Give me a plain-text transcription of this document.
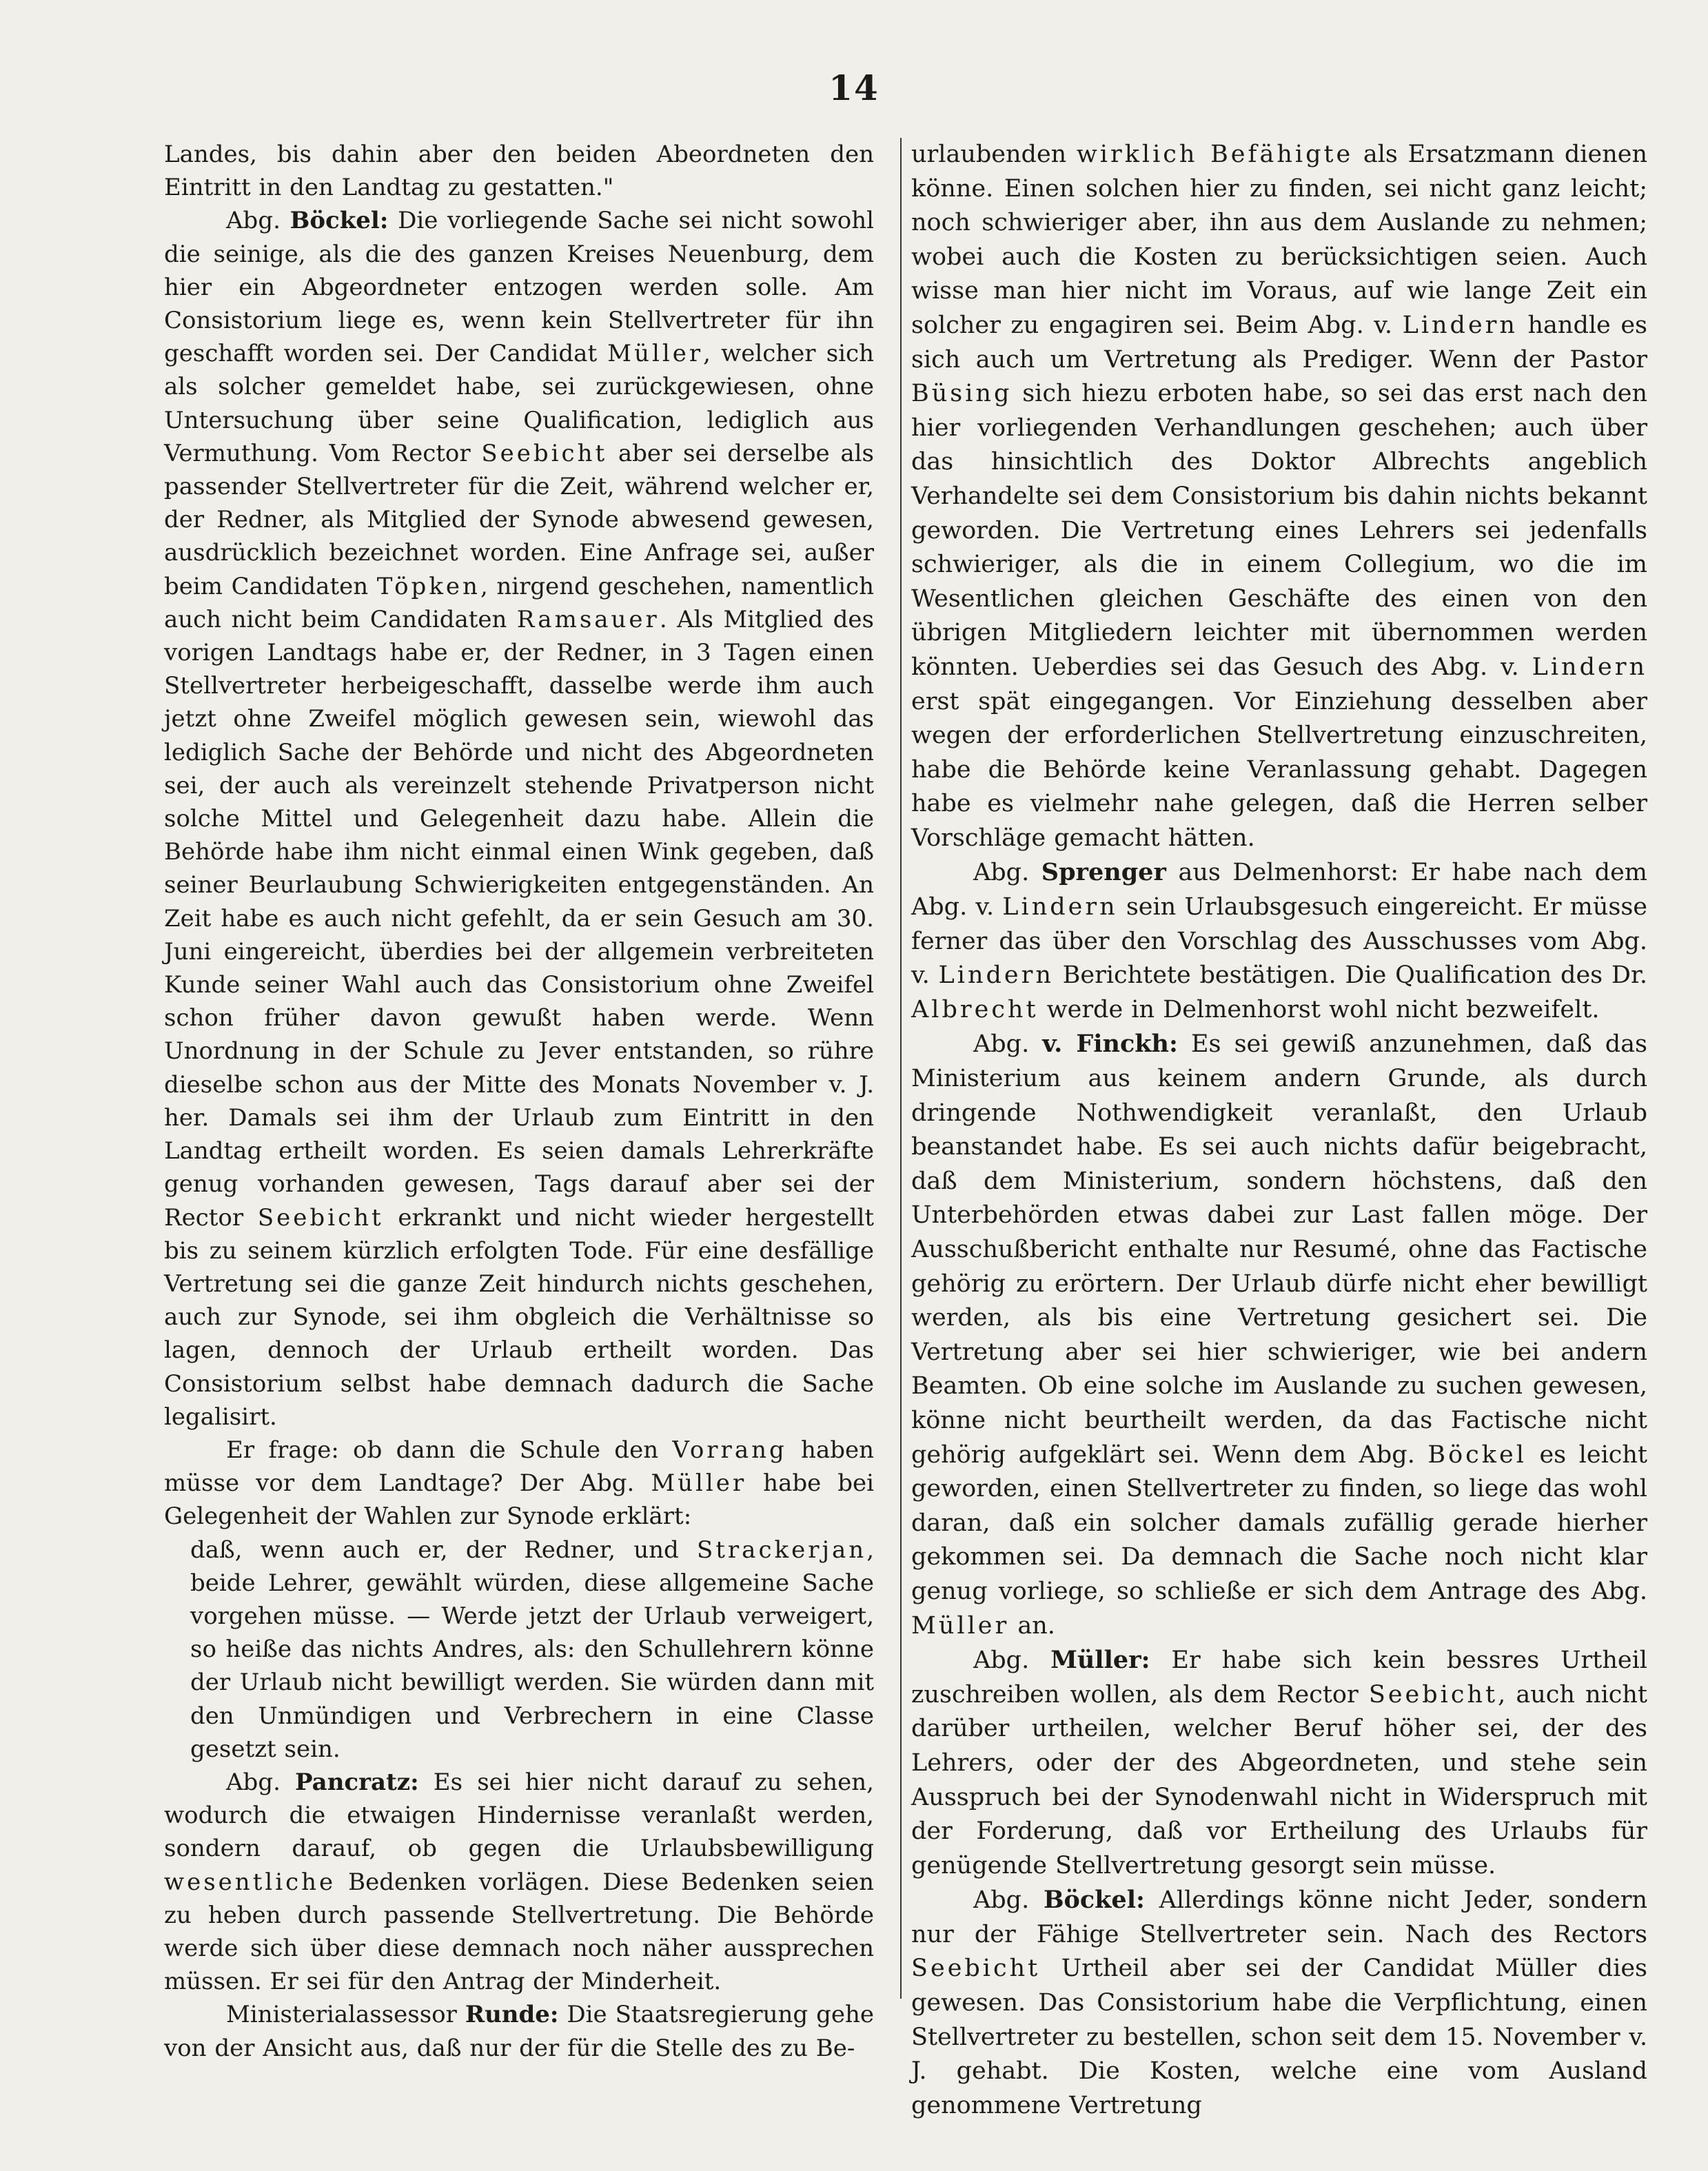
14

Landes, bis dahin aber den beiden Abeordneten den Eintritt in den Landtag zu gestatten."

Abg. Böckel: Die vorliegende Sache sei nicht sowohl die seinige, als die des ganzen Kreises Neuenburg, dem hier ein Abgeordneter entzogen werden solle. Am Consistorium liege es, wenn kein Stellvertreter für ihn geschafft worden sei. Der Candidat Müller, welcher sich als solcher gemeldet habe, sei zurückgewiesen, ohne Untersuchung über seine Qualification, lediglich aus Vermuthung. Vom Rector Seebicht aber sei derselbe als passender Stellvertreter für die Zeit, während welcher er, der Redner, als Mitglied der Synode abwesend gewesen, ausdrücklich bezeichnet worden. Eine Anfrage sei, außer beim Candidaten Töpken, nirgend geschehen, namentlich auch nicht beim Candidaten Ramsauer. Als Mitglied des vorigen Landtags habe er, der Redner, in 3 Tagen einen Stellvertreter herbeigeschafft, dasselbe werde ihm auch jetzt ohne Zweifel möglich gewesen sein, wiewohl das lediglich Sache der Behörde und nicht des Abgeordneten sei, der auch als vereinzelt stehende Privatperson nicht solche Mittel und Gelegenheit dazu habe. Allein die Behörde habe ihm nicht einmal einen Wink gegeben, daß seiner Beurlaubung Schwierigkeiten entgegenständen. An Zeit habe es auch nicht gefehlt, da er sein Gesuch am 30. Juni eingereicht, überdies bei der allgemein verbreiteten Kunde seiner Wahl auch das Consistorium ohne Zweifel schon früher davon gewußt haben werde. Wenn Unordnung in der Schule zu Jever entstanden, so rühre dieselbe schon aus der Mitte des Monats November v. J. her. Damals sei ihm der Urlaub zum Eintritt in den Landtag ertheilt worden. Es seien damals Lehrerkräfte genug vorhanden gewesen, Tags darauf aber sei der Rector Seebicht erkrankt und nicht wieder hergestellt bis zu seinem kürzlich erfolgten Tode. Für eine desfällige Vertretung sei die ganze Zeit hindurch nichts geschehen, auch zur Synode, sei ihm obgleich die Verhältnisse so lagen, dennoch der Urlaub ertheilt worden. Das Consistorium selbst habe demnach dadurch die Sache legalisirt.

Er frage: ob dann die Schule den Vorrang haben müsse vor dem Landtage? Der Abg. Müller habe bei Gelegenheit der Wahlen zur Synode erklärt:

daß, wenn auch er, der Redner, und Strackerjan, beide Lehrer, gewählt würden, diese allgemeine Sache vorgehen müsse. — Werde jetzt der Urlaub verweigert, so heiße das nichts Andres, als: den Schullehrern könne der Urlaub nicht bewilligt werden. Sie würden dann mit den Unmündigen und Verbrechern in eine Classe gesetzt sein.

Abg. Pancratz: Es sei hier nicht darauf zu sehen, wodurch die etwaigen Hindernisse veranlaßt werden, sondern darauf, ob gegen die Urlaubsbewilligung wesentliche Bedenken vorlägen. Diese Bedenken seien zu heben durch passende Stellvertretung. Die Behörde werde sich über diese demnach noch näher aussprechen müssen. Er sei für den Antrag der Minderheit.

Ministerialassessor Runde: Die Staatsregierung gehe von der Ansicht aus, daß nur der für die Stelle des zu Be-

urlaubenden wirklich Befähigte als Ersatzmann dienen könne. Einen solchen hier zu finden, sei nicht ganz leicht; noch schwieriger aber, ihn aus dem Auslande zu nehmen; wobei auch die Kosten zu berücksichtigen seien. Auch wisse man hier nicht im Voraus, auf wie lange Zeit ein solcher zu engagiren sei. Beim Abg. v. Lindern handle es sich auch um Vertretung als Prediger. Wenn der Pastor Büsing sich hiezu erboten habe, so sei das erst nach den hier vorliegenden Verhandlungen geschehen; auch über das hinsichtlich des Doktor Albrechts angeblich Verhandelte sei dem Consistorium bis dahin nichts bekannt geworden. Die Vertretung eines Lehrers sei jedenfalls schwieriger, als die in einem Collegium, wo die im Wesentlichen gleichen Geschäfte des einen von den übrigen Mitgliedern leichter mit übernommen werden könnten. Ueberdies sei das Gesuch des Abg. v. Lindern erst spät eingegangen. Vor Einziehung desselben aber wegen der erforderlichen Stellvertretung einzuschreiten, habe die Behörde keine Veranlassung gehabt. Dagegen habe es vielmehr nahe gelegen, daß die Herren selber Vorschläge gemacht hätten.

Abg. Sprenger aus Delmenhorst: Er habe nach dem Abg. v. Lindern sein Urlaubsgesuch eingereicht. Er müsse ferner das über den Vorschlag des Ausschusses vom Abg. v. Lindern Berichtete bestätigen. Die Qualification des Dr. Albrecht werde in Delmenhorst wohl nicht bezweifelt.

Abg. v. Finckh: Es sei gewiß anzunehmen, daß das Ministerium aus keinem andern Grunde, als durch dringende Nothwendigkeit veranlaßt, den Urlaub beanstandet habe. Es sei auch nichts dafür beigebracht, daß dem Ministerium, sondern höchstens, daß den Unterbehörden etwas dabei zur Last fallen möge. Der Ausschußbericht enthalte nur Resumé, ohne das Factische gehörig zu erörtern. Der Urlaub dürfe nicht eher bewilligt werden, als bis eine Vertretung gesichert sei. Die Vertretung aber sei hier schwieriger, wie bei andern Beamten. Ob eine solche im Auslande zu suchen gewesen, könne nicht beurtheilt werden, da das Factische nicht gehörig aufgeklärt sei. Wenn dem Abg. Böckel es leicht geworden, einen Stellvertreter zu finden, so liege das wohl daran, daß ein solcher damals zufällig gerade hierher gekommen sei. Da demnach die Sache noch nicht klar genug vorliege, so schließe er sich dem Antrage des Abg. Müller an.

Abg. Müller: Er habe sich kein bessres Urtheil zuschreiben wollen, als dem Rector Seebicht, auch nicht darüber urtheilen, welcher Beruf höher sei, der des Lehrers, oder der des Abgeordneten, und stehe sein Ausspruch bei der Synodenwahl nicht in Widerspruch mit der Forderung, daß vor Ertheilung des Urlaubs für genügende Stellvertretung gesorgt sein müsse.

Abg. Böckel: Allerdings könne nicht Jeder, sondern nur der Fähige Stellvertreter sein. Nach des Rectors Seebicht Urtheil aber sei der Candidat Müller dies gewesen. Das Consistorium habe die Verpflichtung, einen Stellvertreter zu bestellen, schon seit dem 15. November v. J. gehabt. Die Kosten, welche eine vom Ausland genommene Vertretung
